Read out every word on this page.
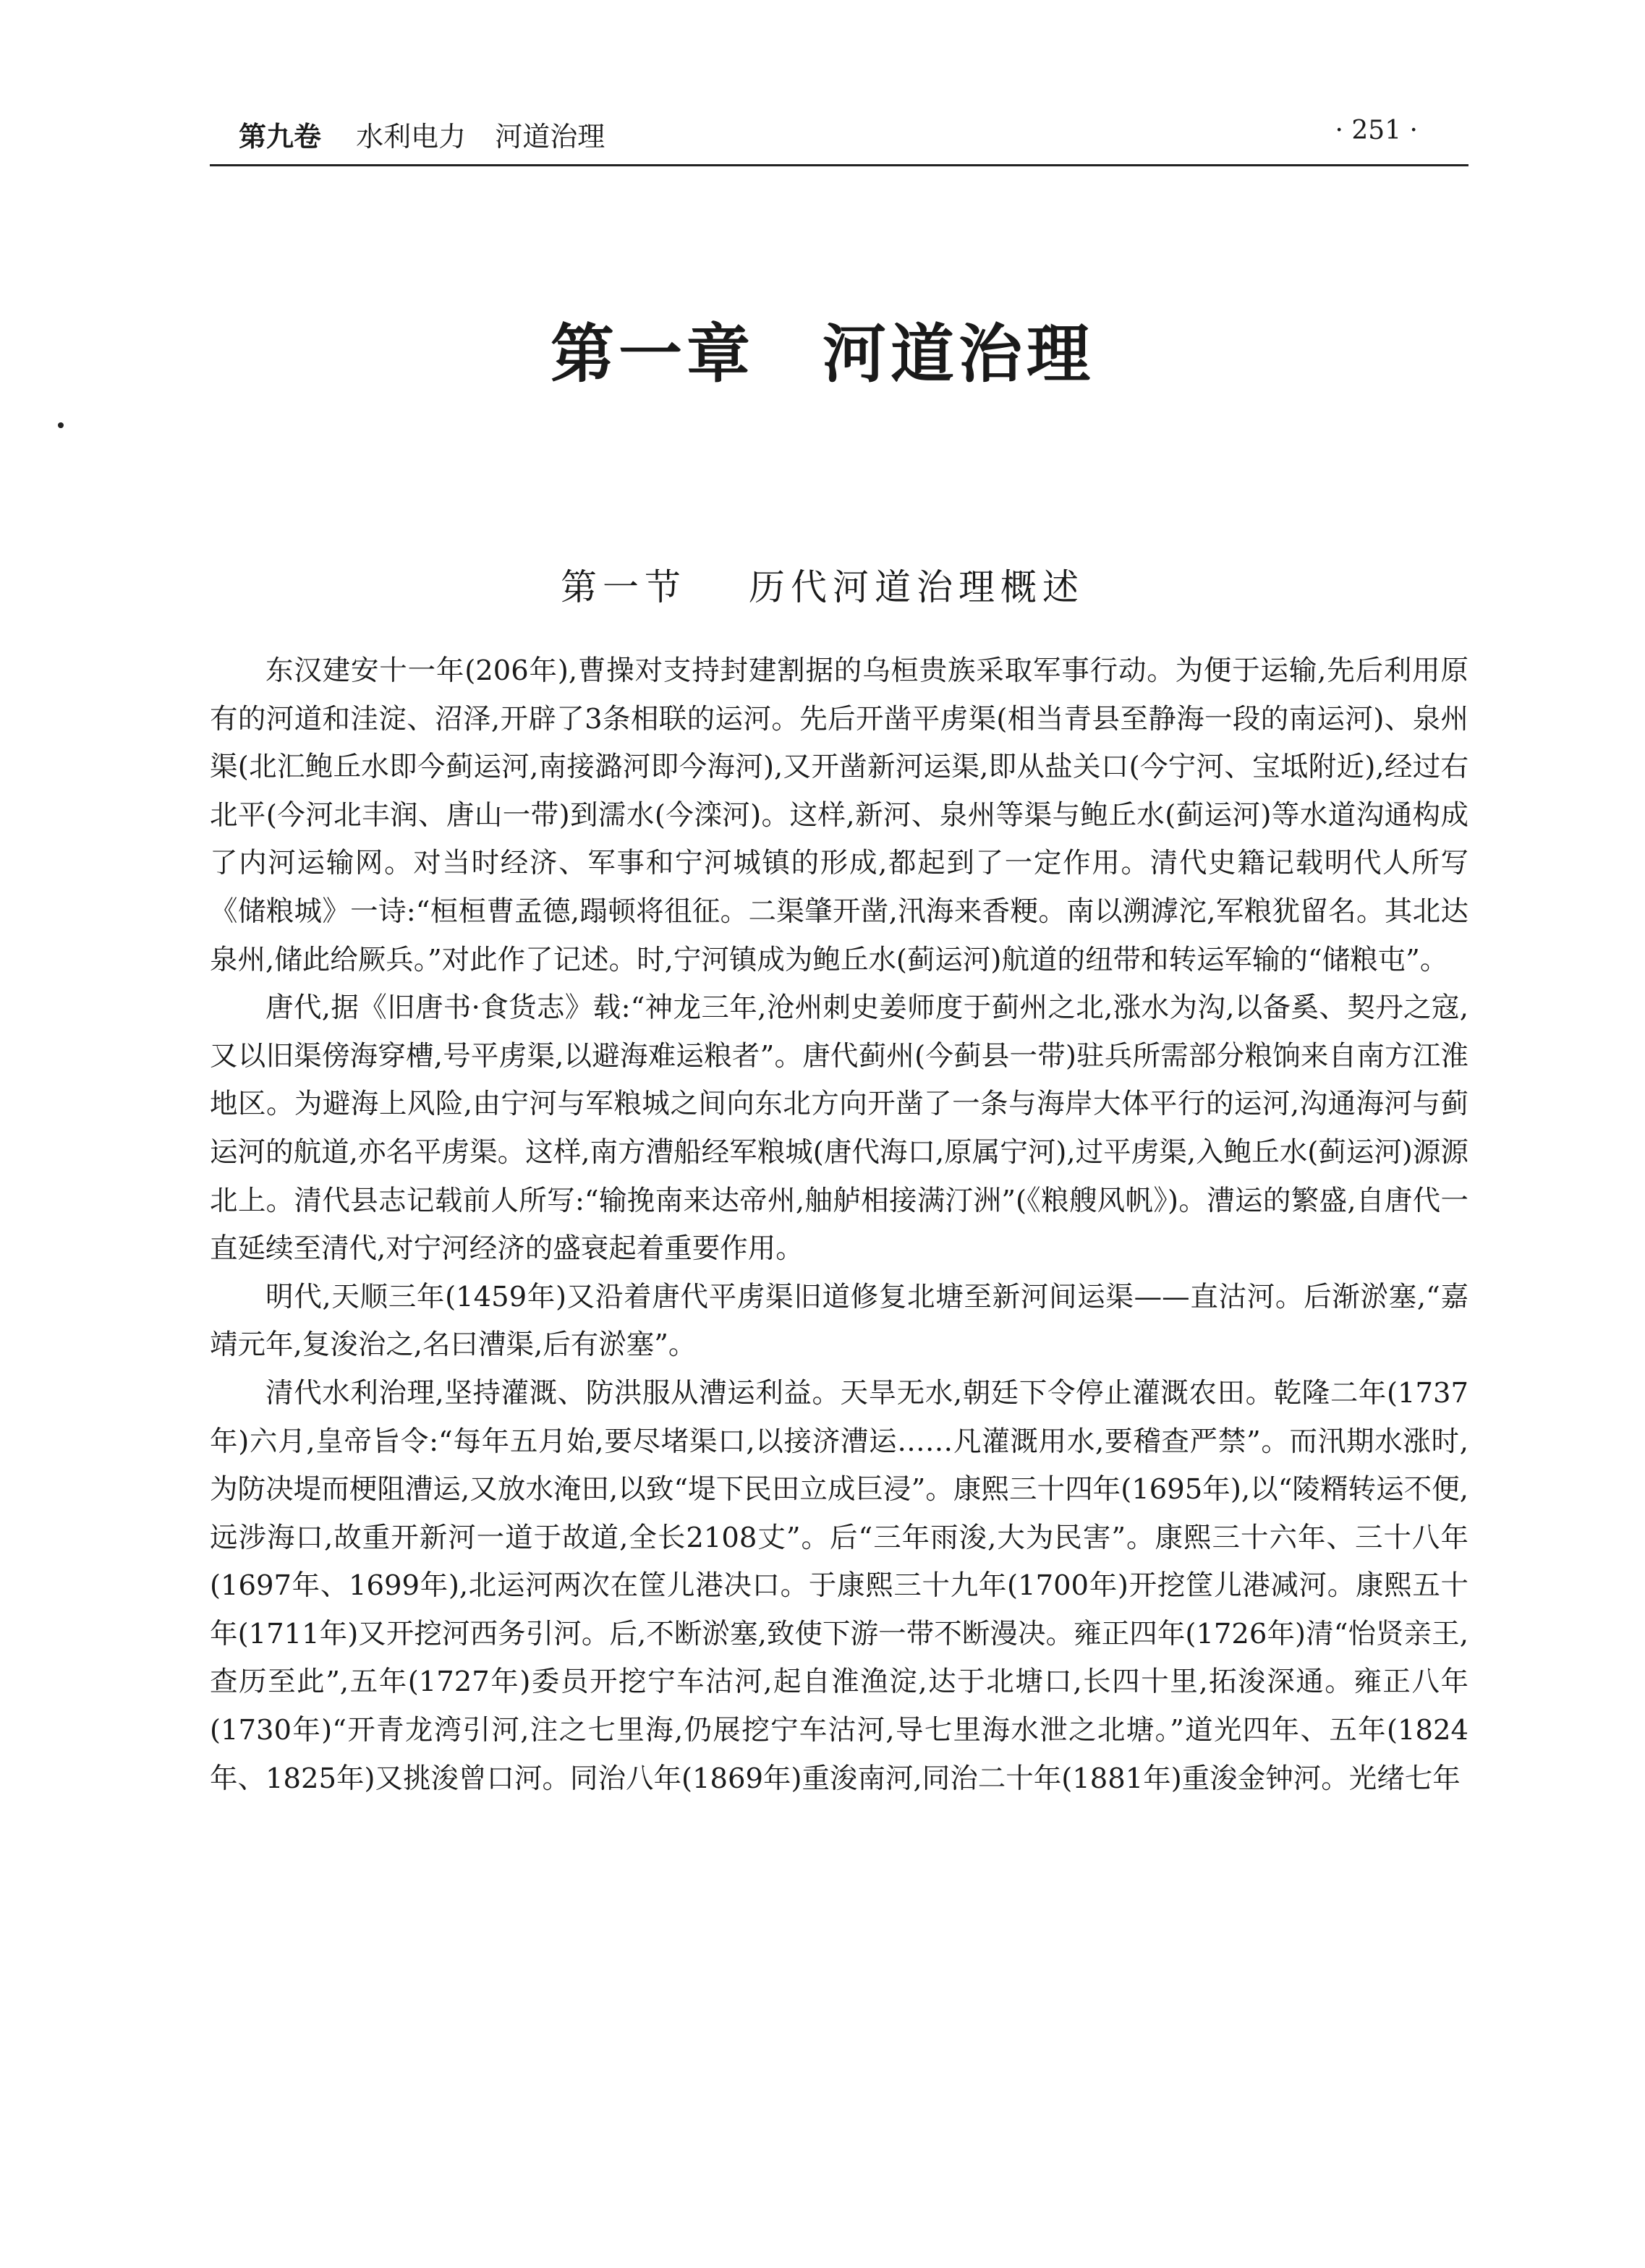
第九卷 水利电力 河道治理	· 251 ·
第一章　河道治理
第一节 历代河道治理概述

东汉建安十一年(206年),曹操对支持封建割据的乌桓贵族采取军事行动。为便于运输,先后利用原有的河道和洼淀、沼泽,开辟了3条相联的运河。先后开凿平虏渠(相当青县至静海一段的南运河)、泉州渠(北汇鲍丘水即今蓟运河,南接潞河即今海河),又开凿新河运渠,即从盐关口(今宁河、宝坻附近),经过右北平(今河北丰润、唐山一带)到濡水(今滦河)。这样,新河、泉州等渠与鲍丘水(蓟运河)等水道沟通构成了内河运输网。对当时经济、军事和宁河城镇的形成,都起到了一定作用。清代史籍记载明代人所写《储粮城》一诗:“桓桓曹孟德,蹋顿将徂征。二渠肇开凿,汛海来香粳。南以溯滹沱,军粮犹留名。其北达泉州,储此给厥兵。”对此作了记述。时,宁河镇成为鲍丘水(蓟运河)航道的纽带和转运军输的“储粮屯”。

唐代,据《旧唐书·食货志》载:“神龙三年,沧州刺史姜师度于蓟州之北,涨水为沟,以备奚、契丹之寇,又以旧渠傍海穿槽,号平虏渠,以避海难运粮者”。唐代蓟州(今蓟县一带)驻兵所需部分粮饷来自南方江淮地区。为避海上风险,由宁河与军粮城之间向东北方向开凿了一条与海岸大体平行的运河,沟通海河与蓟运河的航道,亦名平虏渠。这样,南方漕船经军粮城(唐代海口,原属宁河),过平虏渠,入鲍丘水(蓟运河)源源北上。清代县志记载前人所写:“输挽南来达帝州,舳舻相接满汀洲”(《粮艘风帆》)。漕运的繁盛,自唐代一直延续至清代,对宁河经济的盛衰起着重要作用。

明代,天顺三年(1459年)又沿着唐代平虏渠旧道修复北塘至新河间运渠——直沽河。后渐淤塞,“嘉靖元年,复浚治之,名曰漕渠,后有淤塞”。

清代水利治理,坚持灌溉、防洪服从漕运利益。天旱无水,朝廷下令停止灌溉农田。乾隆二年(1737年)六月,皇帝旨令:“每年五月始,要尽堵渠口,以接济漕运……凡灌溉用水,要稽查严禁”。而汛期水涨时,为防决堤而梗阻漕运,又放水淹田,以致“堤下民田立成巨浸”。康熙三十四年(1695年),以“陵糈转运不便,远涉海口,故重开新河一道于故道,全长2108丈”。后“三年雨浚,大为民害”。康熙三十六年、三十八年(1697年、1699年),北运河两次在筐儿港决口。于康熙三十九年(1700年)开挖筐儿港减河。康熙五十年(1711年)又开挖河西务引河。后,不断淤塞,致使下游一带不断漫决。雍正四年(1726年)清“怡贤亲王,查历至此”,五年(1727年)委员开挖宁车沽河,起自淮渔淀,达于北塘口,长四十里,拓浚深通。雍正八年(1730年)“开青龙湾引河,注之七里海,仍展挖宁车沽河,导七里海水泄之北塘。”道光四年、五年(1824年、1825年)又挑浚曾口河。同治八年(1869年)重浚南河,同治二十年(1881年)重浚金钟河。光绪七年
